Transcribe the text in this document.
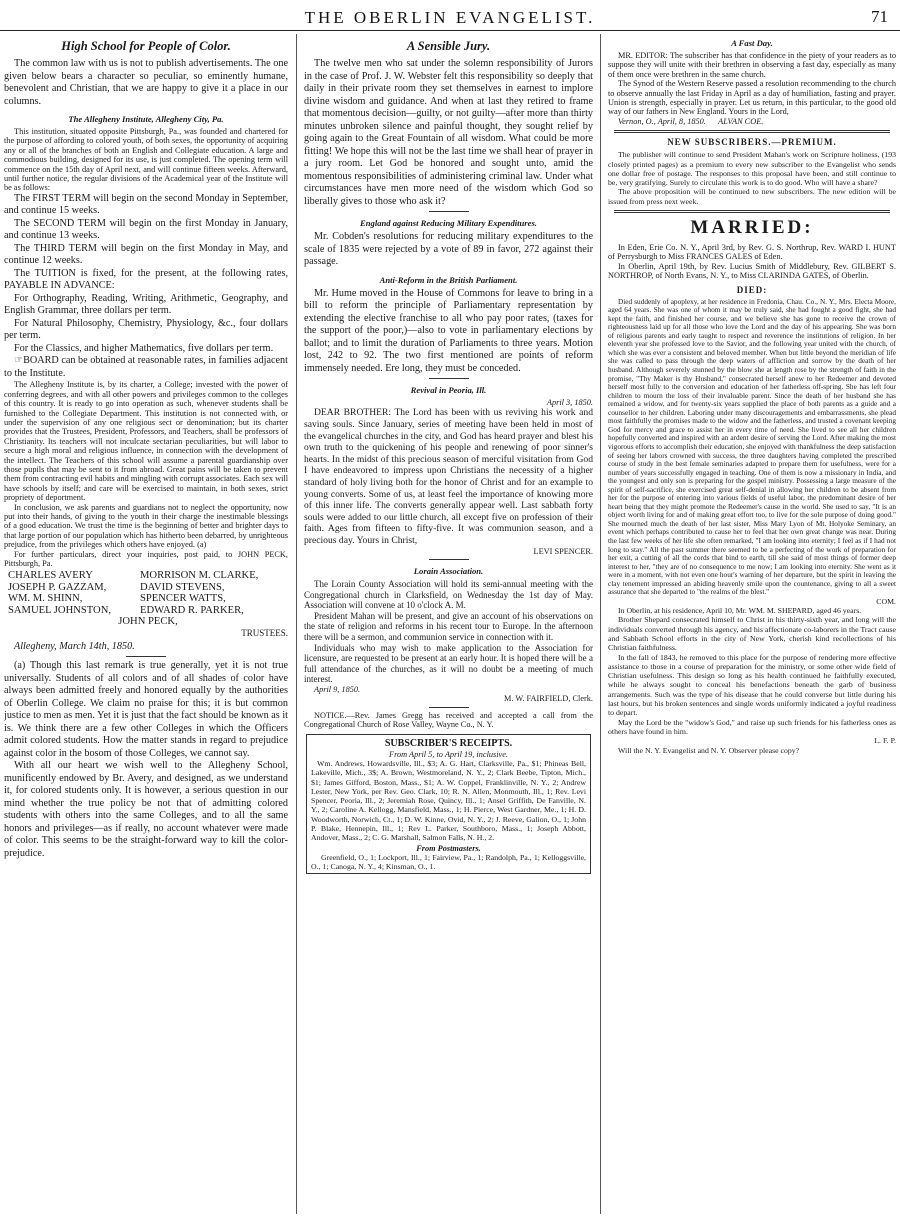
THE OBERLIN EVANGELIST.	71
High School for People of Color.

The common law with us is not to publish advertisements. The one given below bears a character so peculiar, so eminently humane, benevolent and Christian, that we are happy to give it a place in our columns.

The Allegheny Institute, Allegheny City, Pa.

This institution, situated opposite Pittsburgh, Pa., was founded and chartered for the purpose of affording to colored youth, of both sexes, the opportunity of acquiring any or all of the branches of both an English and Collegiate education. A large and commodious building, designed for its use, is just completed. The opening term will commence on the 15th day of April next, and will continue fifteen weeks. Afterward, until further notice, the regular divisions of the Academical year of the Institute will be as follows:

The FIRST TERM will begin on the second Monday in September, and continue 15 weeks.

The SECOND TERM will begin on the first Monday in January, and continue 13 weeks.

The THIRD TERM will begin on the first Monday in May, and continue 12 weeks.

The TUITION is fixed, for the present, at the following rates, PAYABLE IN ADVANCE:

For Orthography, Reading, Writing, Arithmetic, Geography, and English Grammar, three dollars per term.

For Natural Philosophy, Chemistry, Physiology, &c., four dollars per term.

For the Classics, and higher Mathematics, five dollars per term.

☞BOARD can be obtained at reasonable rates, in families adjacent to the Institute.

The Allegheny Institute is, by its charter, a College; invested with the power of conferring degrees, and with all other powers and privileges common to the colleges of this country. It is ready to go into operation as such, whenever students shall be furnished to the Collegiate Department. This institution is not connected with, or under the supervision of any one religious sect or denomination; but its charter provides that the Trustees, President, Professors, and Teachers, shall be professors of Christianity. Its teachers will not inculcate sectarian peculiarities, but will labor to secure a high moral and religious influence, in connection with the development of the intellect. The Teachers of this school will assume a parental guardianship over those pupils that may be sent to it from abroad. Great pains will be taken to prevent them from contracting evil habits and mingling with corrupt associates. Each sex will have schools by itself; and care will be exercised to maintain, in both sexes, strict propriety of deportment.

In conclusion, we ask parents and guardians not to neglect the opportunity, now put into their hands, of giving to the youth in their charge the inestimable blessings of a good education. We trust the time is the beginning of better and brighter days to that large portion of our population which has hitherto been debarred, by unrighteous prejudice, from the privileges which others have enjoyed. (a)

For further particulars, direct your inquiries, post paid, to JOHN PECK, Pittsburgh, Pa.

CHARLES AVERY	MORRISON M. CLARKE,
JOSEPH P. GAZZAM,	DAVID STEVENS,
WM. M. SHINN,	SPENCER WATTS,
SAMUEL JOHNSTON,	EDWARD R. PARKER,
JOHN PECK,
TRUSTEES.

Allegheny, March 14th, 1850.

(a) Though this last remark is true generally, yet it is not true universally. Students of all colors and of all shades of color have always been admitted freely and honored equally by the authorities of Oberlin College. We claim no praise for this; it is but common justice to men as men. Yet it is just that the fact should be known as it is. We think there are a few other Colleges in which the Officers admit colored students. How the matter stands in regard to prejudice against color in the bosom of those Colleges, we cannot say.

With all our heart we wish well to the Allegheny School, munificently endowed by Br. Avery, and designed, as we understand it, for colored students only. It is however, a serious question in our mind whether the true policy be not that of admitting colored students with others into the same Colleges, and to all the same honors and privileges—as if really, no account whatever were made of color. This seems to be the straight-forward way to kill the color-prejudice.

A Sensible Jury.

The twelve men who sat under the solemn responsibility of Jurors in the case of Prof. J. W. Webster felt this responsibility so deeply that daily in their private room they set themselves in earnest to implore divine wisdom and guidance. And when at last they retired to frame that momentous decision—guilty, or not guilty—after more than thirty minutes unbroken silence and painful thought, they sought relief by going again to the Great Fountain of all wisdom. What could be more fitting! We hope this will not be the last time we shall hear of prayer in a jury room. Let God be honored and sought unto, amid the momentous responsibilities of administering criminal law. Under what circumstances have men more need of the wisdom which God so liberally gives to those who ask it?

England against Reducing Military Expenditures.

Mr. Cobden's resolutions for reducing military expenditures to the scale of 1835 were rejected by a vote of 89 in favor, 272 against their passage.

Anti-Reform in the British Parliament.

Mr. Hume moved in the House of Commons for leave to bring in a bill to reform the principle of Parliamentary representation by extending the elective franchise to all who pay poor rates, (taxes for the support of the poor,)—also to vote in parliamentary elections by ballot; and to limit the duration of Parliaments to three years. Motion lost, 242 to 92. The two first mentioned are points of reform immensely needed. Ere long, they must be conceded.

Revival in Peoria, Ill.

April 3, 1850.

DEAR BROTHER: The Lord has been with us reviving his work and saving souls. Since January, series of meeting have been held in most of the evangelical churches in the city, and God has heard prayer and blest his own truth to the quickening of his people and renewing of poor sinner's hearts. In the midst of this precious season of merciful visitation from God I have endeavored to impress upon Christians the necessity of a higher standard of holy living both for the honor of Christ and for an example to young converts. Some of us, at least feel the importance of knowing more of this inner life. The converts generally appear well. Last sabbath forty souls were added to our little church, all except five on profession of their faith. Ages from fifteen to fifty-five. It was communion season, and a precious day. Yours in Christ,

LEVI SPENCER.

Lorain Association.

The Lorain County Association will hold its semi-annual meeting with the Congregational church in Clarksfield, on Wednesday the 1st day of May. Association will convene at 10 o'clock A. M.

President Mahan will be present, and give an account of his observations on the state of religion and reforms in his recent tour to Europe. In the afternoon there will be a sermon, and communion service in connection with it.

Individuals who may wish to make application to the Association for licensure, are requested to be present at an early hour. It is hoped there will be a full attendance of the churches, as it will no doubt be a meeting of much interest.

April 9, 1850.

M. W. FAIRFIELD, Clerk.

NOTICE.—Rev. James Gregg has received and accepted a call from the Congregational Church of Rose Valley, Wayne Co., N. Y.

SUBSCRIBER'S RECEIPTS.
From April 5, to April 19, inclusive.

Wm. Andrews, Howardsville, Ill., $3; A. G. Hart, Clarksville, Pa., $1; Phineas Bell, Lakeville, Mich., 3$; A. Brown, Westmoreland, N. Y., 2; Clark Beebe, Tipton, Mich., $1; James Gifford, Boston, Mass., $1; A. W. Coppel, Franklinville, N. Y., 2; Andrew Lester, New York, per Rev. Geo. Clark, 10; R. N. Allen, Monmouth, Ill., 1; Rev. Levi Spencer, Peoria, Ill., 2; Jeremiah Rose, Quincy, Ill., 1; Ansel Griffith, De Fanville, N. Y., 2; Caroline A. Kellogg, Mansfield, Mass., 1; H. Pierce, West Gardner, Me., 1; H. D. Woodworth, Norwich, Ct., 1; D. W. Kinne, Ovid, N. Y., 2; J. Reeve, Galion, O., 1; John P. Blake, Hennepin, Ill., 1; Rev L. Parker, Southboro, Mass., 1; Joseph Abbott, Andover, Mass., 2; C. G. Marshall, Salmon Falls, N. H., 2.

From Postmasters.

Greenfield, O., 1; Lockport, Ill., 1; Fairview, Pa., 1; Randolph, Pa., 1; Kelloggsville, O., 1; Canoga, N. Y., 4; Kinsman, O., 1.

A Fast Day.

MR. EDITOR: The subscriber has that confidence in the piety of your readers as to suppose they will unite with their brethren in observing a fast day, especially as many of them once were brethren in the same church.

The Synod of the Western Reserve passed a resolution recommending to the church to observe annually the last Friday in April as a day of humiliation, fasting and prayer. Union is strength, especially in prayer. Let us return, in this particular, to the good old way of our fathers in New England. Yours in the Lord,

Vernon, O., April, 8, 1850.      ALVAN COE.

NEW SUBSCRIBERS.—PREMIUM.

The publisher will continue to send President Mahan's work on Scripture holiness, (193 closely printed pages) as a premium to every new subscriber to the Evangelist who sends one dollar free of postage. The responses to this proposal have been, and still continue to be, very gratifying. Surely to circulate this work is to do good. Who will have a share?

The above proposition will be continued to new subscribers. The new edition will be issued from press next week.

MARRIED:

In Eden, Erie Co. N. Y., April 3rd, by Rev. G. S. Northrup, Rev. WARD I. HUNT of Perrysburgh to Miss FRANCES GALES of Eden.

In Oberlin, April 19th, by Rev. Lucius Smith of Middlebury, Rev. GILBERT S. NORTHROP, of North Evans, N. Y., to Miss CLARINDA GATES, of Oberlin.

DIED:

Died suddenly of apoplexy, at her residence in Fredonia, Chau. Co., N. Y., Mrs. Electa Moore, aged 64 years. She was one of whom it may be truly said, she had fought a good fight, she had kept the faith, and finished her course, and we believe she has gone to receive the crown of righteousness laid up for all those who love the Lord and the day of his appearing. She was born of religious parents and early taught to respect and reverence the institutions of religion. In her eleventh year she professed love to the Savior, and the following year united with the church, of which she was ever a consistent and beloved member. When but little beyond the meridian of life she was called to pass through the deep waters of affliction and sorrow by the death of her husband. Although severely stunned by the blow she at length rose by the strength of faith in the promise, "Thy Maker is thy Husband," consecrated herself anew to her Redeemer and devoted herself most fully to the conversion and education of her fatherless off-spring. She has left four children to mourn the loss of their invaluable parent. Since the death of her husband she has remained a widow, and for twenty-six years supplied the place of both parents as a guide and a counsellor to her children. Laboring under many discouragements and embarrassments, she plead most faithfully the promises made to the widow and the fatherless, and trusted a covenant keeping God for mercy and grace to assist her in every time of need. She lived to see all her children hopefully converted and inspired with an ardent desire of serving the Lord. After making the most vigorous efforts to accomplish their education, she enjoyed with thankfulness the deep satisfaction of seeing her labors crowned with success, the three daughters having completed the prescribed course of study in the best female seminaries adapted to prepare them for usefulness, were for a number of years successfully engaged in teaching. One of them is now a missionary in India, and the youngest and only son is preparing for the gospel ministry. Possessing a large measure of the spirit of self-sacrifice, she exercised great self-denial in allowing her children to be absent from her for the purpose of entering into various fields of useful labor, the predominant desire of her heart being that they might promote the Redeemer's cause in the world. She used to say, "It is an object worth living for and of making great effort too, to live for the sole purpose of doing good." She mourned much the death of her last sister, Miss Mary Lyon of Mt. Holyoke Seminary, an event which perhaps contributed to cause her to feel that her own great change was near. During the last few weeks of her life she often remarked, "I am looking into eternity; I feel as if I had not long to stay." All the past summer there seemed to be a perfecting of the work of preparation for her exit, a cutting of all the cords that bind to earth, till she said of most things of former deep interest to her, "they are of no consequence to me now; I am looking into eternity. She went as it were in a moment, with not even one hour's warning of her departure, but the spirit in leaving the clay tenement impressed an abiding heavenly smile upon the countenance, giving to all a sweet assurance that she departed to "the realms of the blest."

COM.

In Oberlin, at his residence, April 10, Mr. WM. M. SHEPARD, aged 46 years.

Brother Shepard consecrated himself to Christ in his thirty-sixth year, and long will the individuals converted through his agency, and his affectionate co-laborers in the Tract cause and Sabbath School efforts in the city of New York, cherish kind recollections of his Christian faithfulness.

In the fall of 1843, he removed to this place for the purpose of rendering more effective assistance to those in a course of preparation for the ministry, or some other wide field of Christian usefulness. This design so long as his health continued he faithfully executed, while he always sought to conceal his benefactions beneath the garb of business arrangements. Such was the type of his disease that he could converse but little during his last hours, but his broken sentences and single words uniformly indicated a joyful readiness to depart.

May the Lord be the "widow's God," and raise up such friends for his fatherless ones as others have found in him.

L. F. P.

Will the N. Y. Evangelist and N. Y. Observer please copy?
